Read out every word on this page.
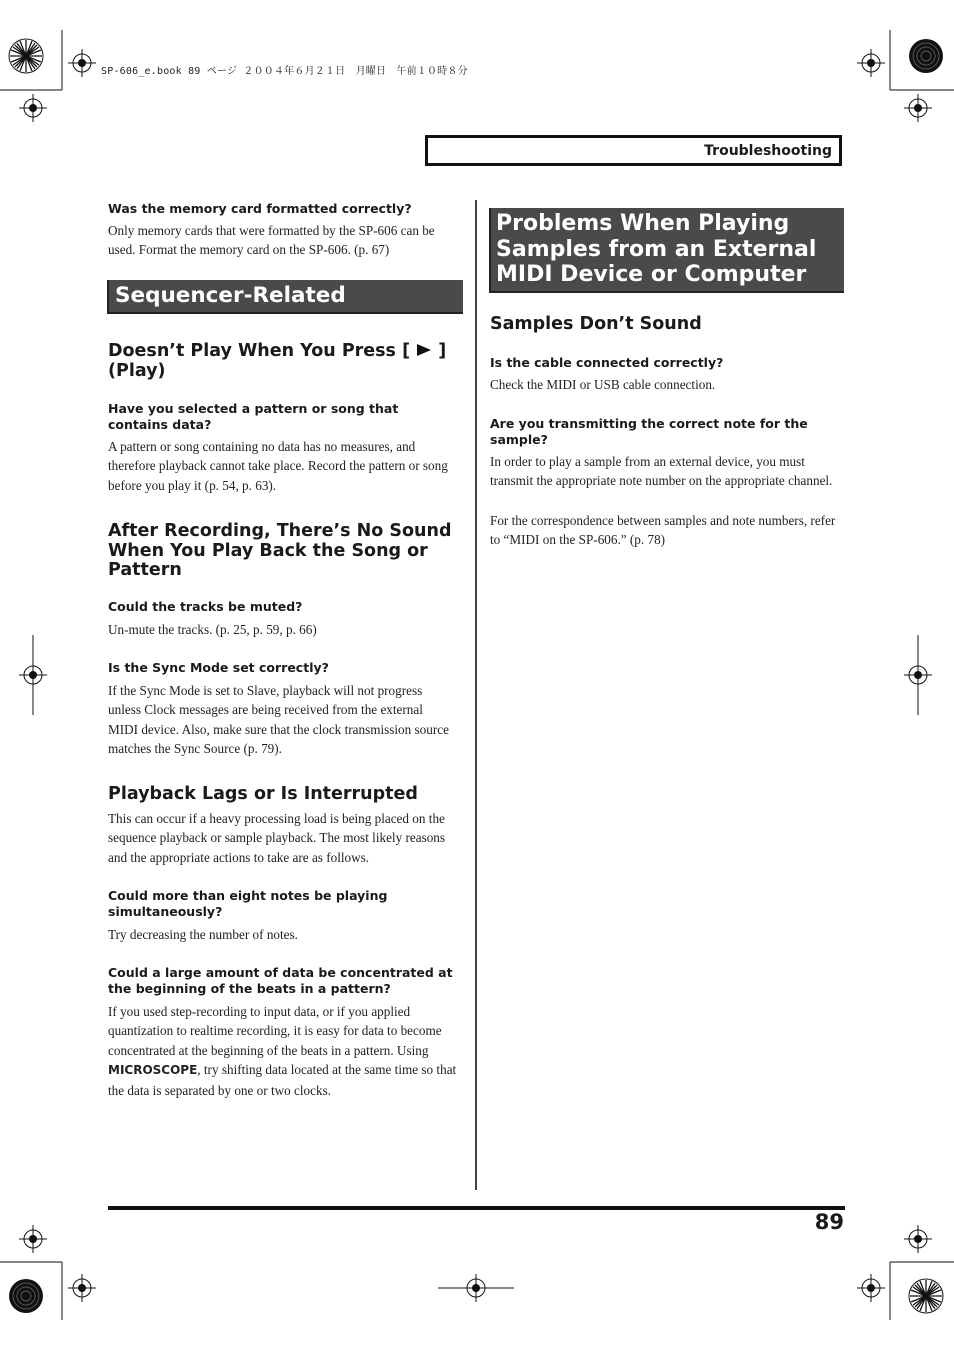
SP-606_e.book 89 ページ ２００４年６月２１日　月曜日　午前１０時８分
Troubleshooting
Was the memory card formatted correctly?
Only memory cards that were formatted by the SP-606 can be used. Format the memory card on the SP-606. (p. 67)
Sequencer-Related Problems
Doesn’t Play When You Press [ ]
(Play)
Have you selected a pattern or song that contains data?
A pattern or song containing no data has no measures, and therefore playback cannot take place. Record the pattern or song before you play it (p. 54, p. 63).
After Recording, There’s No Sound When You Play Back the Song or Pattern
Could the tracks be muted?
Un-mute the tracks. (p. 25, p. 59, p. 66)
Is the Sync Mode set correctly?
If the Sync Mode is set to Slave, playback will not progress unless Clock messages are being received from the external MIDI device. Also, make sure that the clock transmission source matches the Sync Source (p. 79).
Playback Lags or Is Interrupted
This can occur if a heavy processing load is being placed on the sequence playback or sample playback. The most likely reasons and the appropriate actions to take are as follows.
Could more than eight notes be playing simultaneously?
Try decreasing the number of notes.
Could a large amount of data be concentrated at the beginning of the beats in a pattern?
If you used step-recording to input data, or if you applied quantization to realtime recording, it is easy for data to become concentrated at the beginning of the beats in a pattern. Using MICROSCOPE, try shifting data located at the same time so that the data is separated by one or two clocks.
Problems When Playing Samples from an External MIDI Device or Computer
Samples Don’t Sound
Is the cable connected correctly?
Check the MIDI or USB cable connection.
Are you transmitting the correct note for the sample?
In order to play a sample from an external device, you must transmit the appropriate note number on the appropriate channel.
For the correspondence between samples and note numbers, refer to “MIDI on the SP-606.” (p. 78)
89
